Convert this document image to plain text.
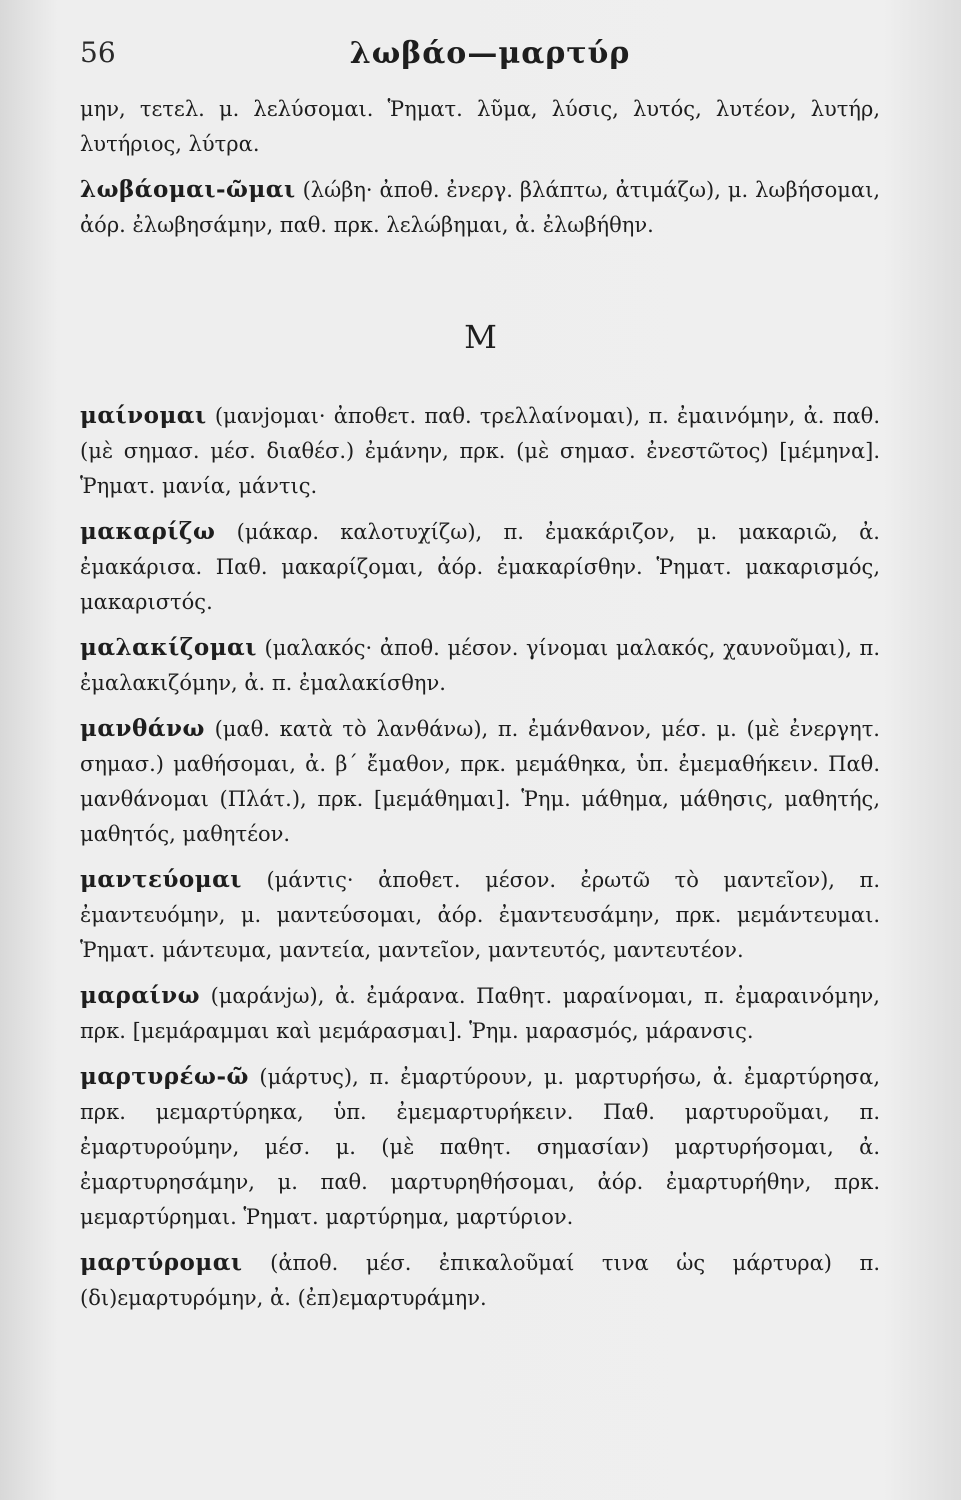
56	λωβάο—μαρτύρ

μην, τετελ. μ. λελύσομαι. Ῥηματ. λῦμα, λύσις, λυτός, λυτέον, λυτήρ, λυτήριος, λύτρα.

λωβάομαι-ῶμαι (λώβη· ἀποθ. ἐνεργ. βλάπτω, ἀτιμάζω), μ. λωβήσομαι, ἀόρ. ἐλωβησάμην, παθ. πρκ. λελώβημαι, ἀ. ἐλωβήθην.

Μ

μαίνομαι (μανjομαι· ἀποθετ. παθ. τρελλαίνομαι), π. ἐμαινόμην, ἀ. παθ. (μὲ σημασ. μέσ. διαθέσ.) ἐμάνην, πρκ. (μὲ σημασ. ἐνεστῶτος) [μέμηνα]. Ῥηματ. μανία, μάντις.

μακαρίζω (μάκαρ. καλοτυχίζω), π. ἐμακάριζον, μ. μακαριῶ, ἀ. ἐμακάρισα. Παθ. μακαρίζομαι, ἀόρ. ἐμακαρίσθην. Ῥηματ. μακαρισμός, μακαριστός.

μαλακίζομαι (μαλακός· ἀποθ. μέσον. γίνομαι μαλακός, χαυνοῦμαι), π. ἐμαλακιζόμην, ἀ. π. ἐμαλακίσθην.

μανθάνω (μαθ. κατὰ τὸ λανθάνω), π. ἐμάνθανον, μέσ. μ. (μὲ ἐνεργητ. σημασ.) μαθήσομαι, ἀ. β΄ ἔμαθον, πρκ. μεμάθηκα, ὑπ. ἐμεμαθήκειν. Παθ. μανθάνομαι (Πλάτ.), πρκ. [μεμάθημαι]. Ῥημ. μάθημα, μάθησις, μαθητής, μαθητός, μαθητέον.

μαντεύομαι (μάντις· ἀποθετ. μέσον. ἐρωτῶ τὸ μαντεῖον), π. ἐμαντευόμην, μ. μαντεύσομαι, ἀόρ. ἐμαντευσάμην, πρκ. μεμάντευμαι. Ῥηματ. μάντευμα, μαντεία, μαντεῖον, μαντευτός, μαντευτέον.

μαραίνω (μαράνjω), ἀ. ἐμάρανα. Παθητ. μαραίνομαι, π. ἐμαραινόμην, πρκ. [μεμάραμμαι καὶ μεμάρασμαι]. Ῥημ. μαρασμός, μάρανσις.

μαρτυρέω-ῶ (μάρτυς), π. ἐμαρτύρουν, μ. μαρτυρήσω, ἀ. ἐμαρτύρησα, πρκ. μεμαρτύρηκα, ὑπ. ἐμεμαρτυρήκειν. Παθ. μαρτυροῦμαι, π. ἐμαρτυρούμην, μέσ. μ. (μὲ παθητ. σημασίαν) μαρτυρήσομαι, ἀ. ἐμαρτυρησάμην, μ. παθ. μαρτυρηθήσομαι, ἀόρ. ἐμαρτυρήθην, πρκ. μεμαρτύρημαι. Ῥηματ. μαρτύρημα, μαρτύριον.

μαρτύρομαι (ἀποθ. μέσ. ἐπικαλοῦμαί τινα ὡς μάρτυρα) π. (δι)εμαρτυρόμην, ἀ. (ἐπ)εμαρτυράμην.
